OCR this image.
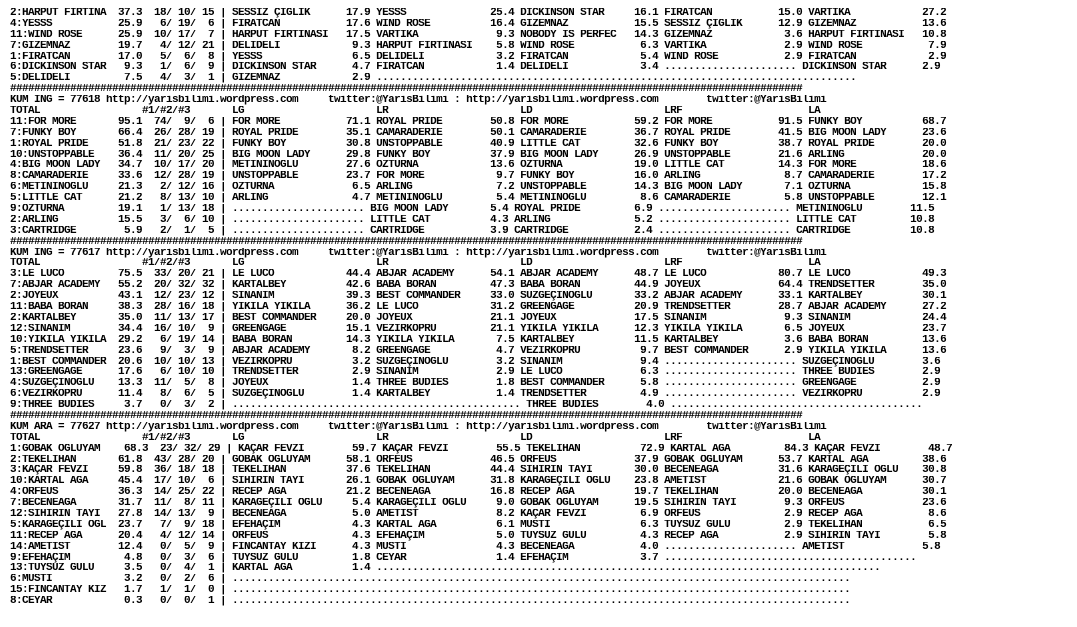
2:HARPUT FIRTINA  37.3  18/ 10/ 15 | SESSİZ ÇIĞLIK      17.9 YESSS              25.4 DICKINSON STAR     16.1 FIRATCAN           15.0 VARTİKA            27.2
4:YESSS           25.9   6/ 19/  6 | FIRATCAN           17.6 WIND ROSE          16.4 GİZEMNAZ           15.5 SESSİZ ÇIĞLIK      12.9 GİZEMNAZ           13.6
11:WIND ROSE      25.9  10/ 17/  7 | HARPUT FIRTINASI   17.5 VARTİKA             9.3 NOBODY IS PERFEC   14.3 GİZEMNAZ            3.6 HARPUT FIRTINASI   10.8
7:GİZEMNAZ        19.7   4/ 12/ 21 | DELİDELİ            9.3 HARPUT FIRTINASI    5.8 WIND ROSE           6.3 VARTİKA             2.9 WIND ROSE           7.9
1:FIRATCAN        17.0   5/  6/  8 | YESSS               6.5 DELİDELİ            3.2 FIRATCAN            5.4 WIND ROSE           2.9 FIRATCAN            2.9
6:DICKINSON STAR   9.3   1/  6/  9 | DICKINSON STAR      4.7 FIRATCAN            1.4 DELİDELİ            3.4 ...................... DICKINSON STAR      2.9
5:DELİDELİ         7.5   4/  3/  1 | GİZEMNAZ            2.9 ................................................................................
####################################################################################################################################
KUM İNG = 77618 http://yarisbilimi.wordpress.com     twitter:@YarisBilimi : http://yarisbilimi.wordpress.com        twitter:@YarisBilimi
TOTAL                 #1/#2/#3       LG                      LR                      LD                      LRF                     LA
11:FOR MORE       95.1  74/  9/  6 | FOR MORE           71.1 ROYAL PRIDE        50.8 FOR MORE           59.2 FOR MORE           91.5 FUNKY BOY          68.7
7:FUNKY BOY       66.4  26/ 28/ 19 | ROYAL PRIDE        35.1 CAMARADERIE        50.1 CAMARADERIE        36.7 ROYAL PRIDE        41.5 BIG MOON LADY      23.6
1:ROYAL PRIDE     51.8  21/ 23/ 22 | FUNKY BOY          30.8 UNSTOPPABLE        40.9 LITTLE CAT         32.6 FUNKY BOY          38.7 ROYAL PRIDE        20.0
10:UNSTOPPABLE    36.4  11/ 20/ 25 | BIG MOON LADY      29.8 FUNKY BOY          37.9 BIG MOON LADY      26.9 UNSTOPPABLE        21.6 ARLING             20.0
4:BIG MOON LADY   34.7  10/ 17/ 20 | METİNİNOĞLU        27.6 ÖZTURNA            13.6 ÖZTURNA            19.0 LITTLE CAT         14.3 FOR MORE           18.6
8:CAMARADERIE     33.6  12/ 28/ 19 | UNSTOPPABLE        23.7 FOR MORE            9.7 FUNKY BOY          16.0 ARLING              8.7 CAMARADERIE        17.2
6:METİNİNOĞLU     21.3   2/ 12/ 16 | ÖZTURNA             6.5 ARLING              7.2 UNSTOPPABLE        14.3 BIG MOON LADY       7.1 ÖZTURNA            15.8
5:LITTLE CAT      21.2   8/ 13/ 10 | ARLING              4.7 METİNİNOĞLU         5.4 METİNİNOĞLU         8.6 CAMARADERIE         5.8 UNSTOPPABLE        12.1
9:ÖZTURNA         19.1   1/ 13/ 18 | ...................... BIG MOON LADY       5.4 ROYAL PRIDE         6.9 ...................... METİNİNOĞLU        11.5
2:ARLING          15.5   3/  6/ 10 | ...................... LITTLE CAT          4.3 ARLING              5.2 ...................... LITTLE CAT         10.8
3:CARTRIDGE        5.9   2/  1/  5 | ...................... CARTRIDGE           3.9 CARTRIDGE           2.4 ...................... CARTRIDGE          10.8
####################################################################################################################################
KUM İNG = 77617 http://yarisbilimi.wordpress.com     twitter:@YarisBilimi : http://yarisbilimi.wordpress.com        twitter:@YarisBilimi
TOTAL                 #1/#2/#3       LG                      LR                      LD                      LRF                     LA
3:LE LUCO         75.5  33/ 20/ 21 | LE LUCO            44.4 ABJAR ACADEMY      54.1 ABJAR ACADEMY      48.7 LE LUCO            80.7 LE LUCO            49.3
7:ABJAR ACADEMY   55.2  20/ 32/ 32 | KARTALBEY          42.6 BABA BORAN         47.3 BABA BORAN         44.9 JOYEUX             64.4 TRENDSETTER        35.0
2:JOYEUX          43.1  12/ 23/ 12 | SİNANIM            39.3 BEST COMMANDER     33.0 SÜZGEÇİNOĞLU       33.2 ABJAR ACADEMY      33.1 KARTALBEY          30.1
11:BABA BORAN     38.3  28/ 16/ 18 | YIKILA YIKILA      36.2 LE LUCO            31.2 GREENGAGE          20.9 TRENDSETTER        28.7 ABJAR ACADEMY      27.2
2:KARTALBEY       35.0  11/ 13/ 17 | BEST COMMANDER     20.0 JOYEUX             21.1 JOYEUX             17.5 SİNANIM             9.3 SİNANIM            24.4
12:SİNANIM        34.4  16/ 10/  9 | GREENGAGE          15.1 VEZİRKÖPRÜ         21.1 YIKILA YIKILA      12.3 YIKILA YIKILA       6.5 JOYEUX             23.7
10:YIKILA YIKILA  29.2   6/ 19/ 14 | BABA BORAN         14.3 YIKILA YIKILA       7.5 KARTALBEY          11.5 KARTALBEY           3.6 BABA BORAN         13.6
5:TRENDSETTER     23.6   9/  3/  9 | ABJAR ACADEMY       8.2 GREENGAGE           4.7 VEZİRKÖPRÜ          9.7 BEST COMMANDER      2.9 YIKILA YIKILA      13.6
1:BEST COMMANDER  20.6  10/ 10/ 13 | VEZİRKÖPRÜ          3.2 SÜZGEÇİNOĞLU        3.2 SİNANIM             9.4 ...................... SÜZGEÇİNOĞLU        3.6
13:GREENGAGE      17.6   6/ 10/ 10 | TRENDSETTER         2.9 SİNANIM             2.9 LE LUCO             6.3 ...................... THREE BUDIES        2.9
4:SÜZGEÇİNOĞLU    13.3  11/  5/  8 | JOYEUX              1.4 THREE BUDIES        1.8 BEST COMMANDER      5.8 ...................... GREENGAGE           2.9
6:VEZİRKÖPRÜ      11.4   8/  6/  5 | SÜZGEÇİNOĞLU        1.4 KARTALBEY           1.4 TRENDSETTER         4.9 ...................... VEZİRKÖPRÜ          2.9
9:THREE BUDIES     3.7   0/  3/  2 | ................................................ THREE BUDIES        4.0 ..........................................
####################################################################################################################################
KUM ARA = 77627 http://yarisbilimi.wordpress.com     twitter:@YarisBilimi : http://yarisbilimi.wordpress.com        twitter:@YarisBilimi
TOTAL                 #1/#2/#3       LG                      LR                      LD                      LRF                     LA
1:GOBAK OĞLUYAM    68.3  23/ 32/ 29 | KAÇAR FEVZİ        59.7 KAÇAR FEVZİ        55.5 TEKELİHAN          72.9 KARTAL AĞA         84.3 KAÇAR FEVZİ        48.7
2:TEKELİHAN       61.8  43/ 28/ 20 | GOBAK OĞLUYAM      58.1 ORFEUS             46.5 ORFEUS             37.9 GOBAK OĞLUYAM      53.7 KARTAL AĞA         38.6
3:KAÇAR FEVZİ     59.8  36/ 18/ 18 | TEKELİHAN          37.6 TEKELİHAN          44.4 SİHİRİN TAYI       30.0 BECENEAĞA          31.6 KARAGEÇİLİ OĞLU    30.8
10:KARTAL AĞA     45.4  17/ 10/  6 | SİHİRİN TAYI       26.1 GOBAK OĞLUYAM      31.8 KARAGEÇİLİ OĞLU    23.8 AMETİST            21.6 GOBAK OĞLUYAM      30.7
4:ORFEUS          36.3  14/ 25/ 22 | RECEP AĞA          21.2 BECENEAĞA          16.8 RECEP AĞA          19.7 TEKELİHAN          20.0 BECENEAĞA          30.1
7:BECENEAĞA       31.7  11/  8/ 11 | KARAGEÇİLİ OĞLU     5.4 KARAGEÇİLİ OĞLU     9.0 GOBAK OĞLUYAM      19.5 SİHİRİN TAYI        9.3 ORFEUS             23.6
12:SİHİRİN TAYI   27.8  14/ 13/  9 | BECENEAĞA           5.0 AMETİST             8.2 KAÇAR FEVZİ         6.9 ORFEUS              2.9 RECEP AĞA           8.6
5:KARAGEÇİLİ OĞL  23.7   7/  9/ 18 | EFEHAÇIM            4.3 KARTAL AĞA          6.1 MUSTİ               6.3 TÜYSÜZ GÜLÜ         2.9 TEKELİHAN           6.5
11:RECEP AĞA      20.4   4/ 12/ 14 | ORFEUS              4.3 EFEHAÇIM            5.0 TÜYSÜZ GÜLÜ         4.3 RECEP AĞA           2.9 SİHİRİN TAYI        5.8
14:AMETİST        12.4   0/  5/  9 | FINCANTAY KIZI      4.3 MUSTİ               4.3 BECENEAĞA           4.0 ...................... AMETİST             5.8
9:EFEHAÇIM         4.8   0/  3/  6 | TÜYSÜZ GÜLÜ         1.8 CEYAR               1.4 EFEHAÇIM            3.7 ..........................................
13:TÜYSÜZ GÜLÜ     3.5   0/  4/  1 | KARTAL AĞA          1.4 ....................................................................................
6:MUSTİ            3.2   0/  2/  6 | .......................................................................................................
15:FINCANTAY KIZ   1.7   1/  1/  0 | .......................................................................................................
8:CEYAR            0.3   0/  0/  1 | .......................................................................................................
